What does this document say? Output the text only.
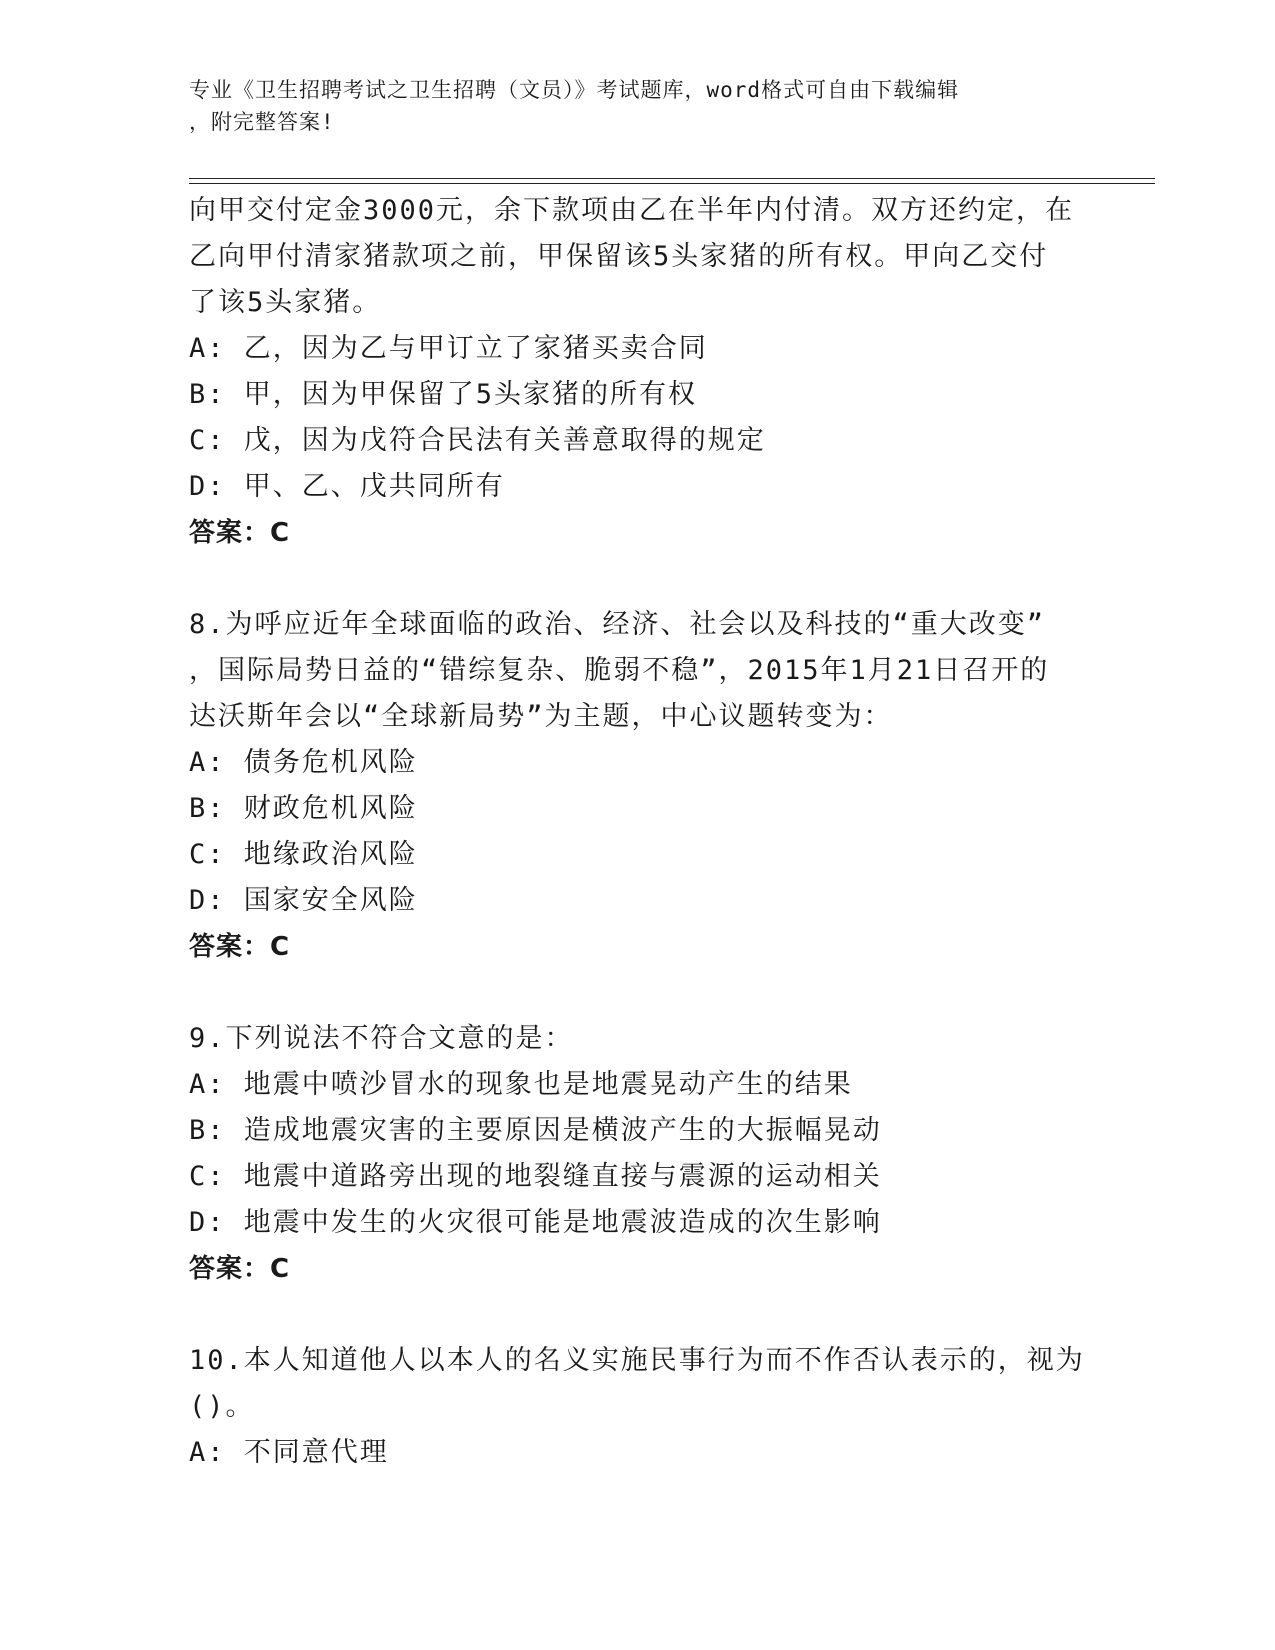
专业《卫生招聘考试之卫生招聘（文员）》考试题库，word格式可自由下载编辑
，附完整答案!
向甲交付定金3000元，余下款项由乙在半年内付清。双方还约定，在
乙向甲付清家猪款项之前，甲保留该5头家猪的所有权。甲向乙交付
了该5头家猪。
A: 乙，因为乙与甲订立了家猪买卖合同
B: 甲，因为甲保留了5头家猪的所有权
C: 戊，因为戊符合民法有关善意取得的规定
D: 甲、乙、戊共同所有
答案：C
8.为呼应近年全球面临的政治、经济、社会以及科技的“重大改变”
，国际局势日益的“错综复杂、脆弱不稳”，2015年1月21日召开的
达沃斯年会以“全球新局势”为主题，中心议题转变为：
A: 债务危机风险
B: 财政危机风险
C: 地缘政治风险
D: 国家安全风险
答案：C
9.下列说法不符合文意的是：
A: 地震中喷沙冒水的现象也是地震晃动产生的结果
B: 造成地震灾害的主要原因是横波产生的大振幅晃动
C: 地震中道路旁出现的地裂缝直接与震源的运动相关
D: 地震中发生的火灾很可能是地震波造成的次生影响
答案：C
10.本人知道他人以本人的名义实施民事行为而不作否认表示的，视为
()。
A: 不同意代理
